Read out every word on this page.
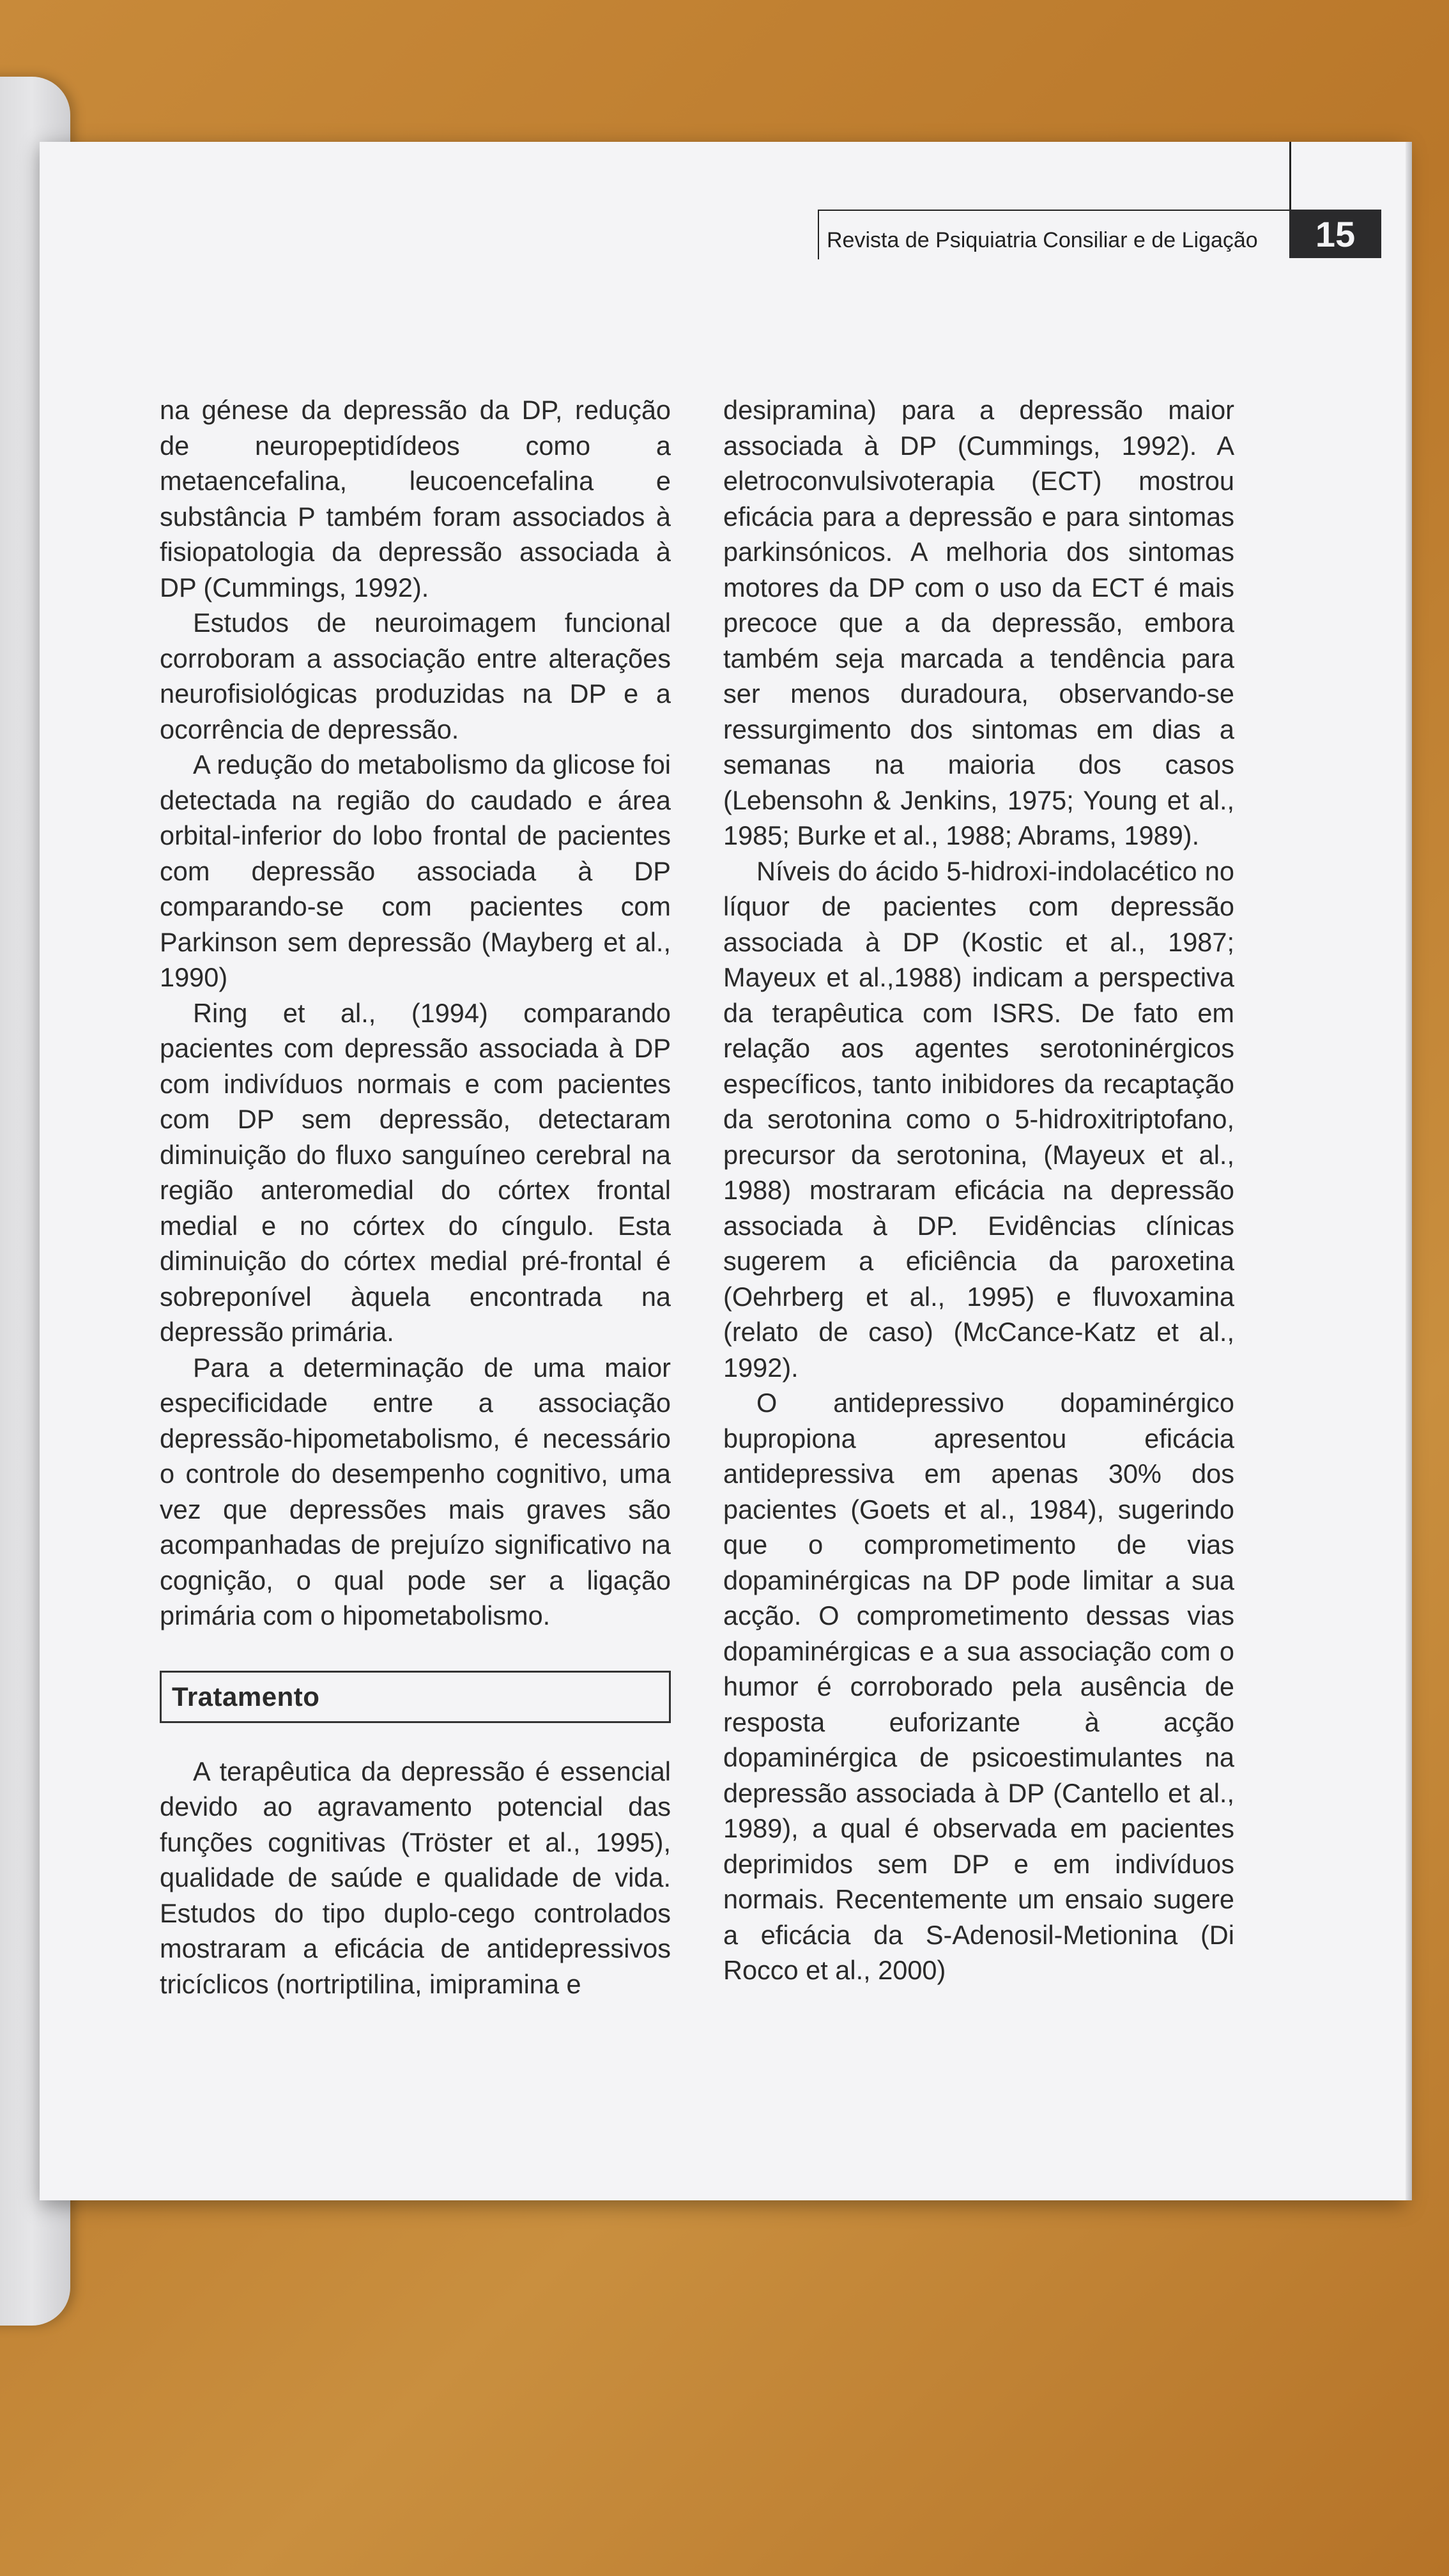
Revista de Psiquiatria Consiliar e de Ligação	15

na génese da depressão da DP, redução de neuropeptidídeos como a metaencefalina, leucoencefalina e substância P também foram associados à fisiopatologia da depressão associada à DP (Cummings, 1992).

Estudos de neuroimagem funcional corroboram a associação entre alterações neurofisiológicas produzidas na DP e a ocorrência de depressão.

A redução do metabolismo da glicose foi detectada na região do caudado e área orbital-inferior do lobo frontal de pacientes com depressão associada à DP comparando-se com pacientes com Parkinson sem depressão (Mayberg et al., 1990)

Ring et al., (1994) comparando pacientes com depressão associada à DP com indivíduos normais e com pacientes com DP sem depressão, detectaram diminuição do fluxo sanguíneo cerebral na região anteromedial do córtex frontal medial e no córtex do cíngulo. Esta diminuição do córtex medial pré-frontal é sobreponível àquela encontrada na depressão primária.

Para a determinação de uma maior especificidade entre a associação depressão-hipometabolismo, é necessário o controle do desempenho cognitivo, uma vez que depressões mais graves são acompanhadas de prejuízo significativo na cognição, o qual pode ser a ligação primária com o hipometabolismo.

Tratamento

A terapêutica da depressão é essencial devido ao agravamento potencial das funções cognitivas (Tröster et al., 1995), qualidade de saúde e qualidade de vida. Estudos do tipo duplo-cego controlados mostraram a eficácia de antidepressivos tricíclicos (nortriptilina, imipramina e

desipramina) para a depressão maior associada à DP (Cummings, 1992). A eletroconvulsivoterapia (ECT) mostrou eficácia para a depressão e para sintomas parkinsónicos. A melhoria dos sintomas motores da DP com o uso da ECT é mais precoce que a da depressão, embora também seja marcada a tendência para ser menos duradoura, observando-se ressurgimento dos sintomas em dias a semanas na maioria dos casos (Lebensohn & Jenkins, 1975; Young et al., 1985; Burke et al., 1988; Abrams, 1989).

Níveis do ácido 5-hidroxi-indolacético no líquor de pacientes com depressão associada à DP (Kostic et al., 1987; Mayeux et al.,1988) indicam a perspectiva da terapêutica com ISRS. De fato em relação aos agentes serotoninérgicos específicos, tanto inibidores da recaptação da serotonina como o 5-hidroxitriptofano, precursor da serotonina, (Mayeux et al., 1988) mostraram eficácia na depressão associada à DP. Evidências clínicas sugerem a eficiência da paroxetina (Oehrberg et al., 1995) e fluvoxamina (relato de caso) (McCance-Katz et al., 1992).

O antidepressivo dopaminérgico bupropiona apresentou eficácia antidepressiva em apenas 30% dos pacientes (Goets et al., 1984), sugerindo que o comprometimento de vias dopaminérgicas na DP pode limitar a sua acção. O comprometimento dessas vias dopaminérgicas e a sua associação com o humor é corroborado pela ausência de resposta euforizante à acção dopaminérgica de psicoestimulantes na depressão associada à DP (Cantello et al., 1989), a qual é observada em pacientes deprimidos sem DP e em indivíduos normais. Recentemente um ensaio sugere a eficácia da S-Adenosil-Metionina (Di Rocco et al., 2000)
